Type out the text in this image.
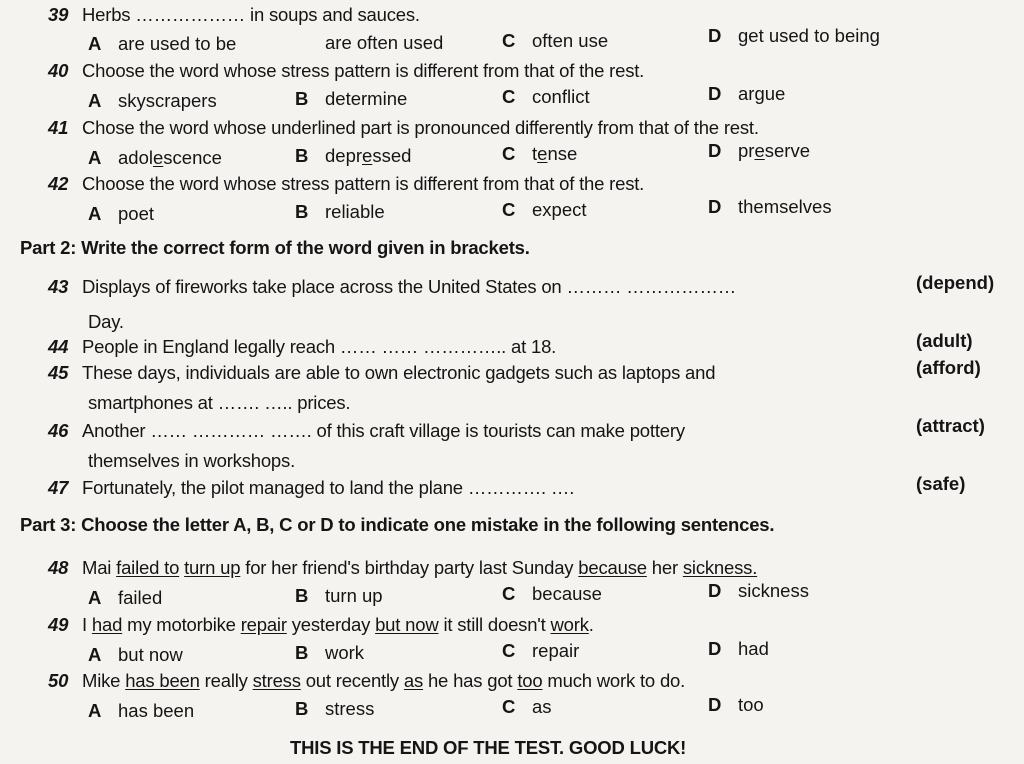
39 Herbs ……………… in soups and sauces.
A are used to be	are often used	C often use	D get used to being
40 Choose the word whose stress pattern is different from that of the rest.
A skyscrapers	B determine	C conflict	D argue
41 Chose the word whose underlined part is pronounced differently from that of the rest.
A adolescence	B depressed	C tense	D preserve
42 Choose the word whose stress pattern is different from that of the rest.
A poet	B reliable	C expect	D themselves
Part 2: Write the correct form of the word given in brackets.
43 Displays of fireworks take place across the United States on ……… ………………
Day.
(depend)
44 People in England legally reach …… …… ………….. at 18.	(adult)
45 These days, individuals are able to own electronic gadgets such as laptops and
smartphones at ……. ….. prices.
(afford)
46 Another …… ………… ……. of this craft village is tourists can make pottery
themselves in workshops.
(attract)
47 Fortunately, the pilot managed to land the plane …………. ….	(safe)
Part 3: Choose the letter A, B, C or D to indicate one mistake in the following sentences.
48 Mai failed to turn up for her friend's birthday party last Sunday because her sickness.
A failed	B turn up	C because	D sickness
49 I had my motorbike repair yesterday but now it still doesn't work.
A but now	B work	C repair	D had
50 Mike has been really stress out recently as he has got too much work to do.
A has been	B stress	C as	D too
THIS IS THE END OF THE TEST. GOOD LUCK!
